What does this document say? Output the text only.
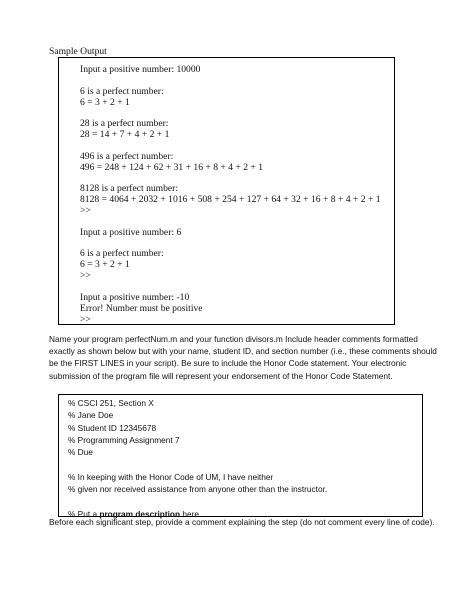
Sample Output
Input a positive number: 10000
6 is a perfect number:
6 = 3 + 2 + 1
28 is a perfect number:
28 = 14 + 7 + 4 + 2 + 1
496 is a perfect number:
496 = 248 + 124 + 62 + 31 + 16 + 8 + 4 + 2 + 1
8128 is a perfect number:
8128 = 4064 + 2032 + 1016 + 508 + 254 + 127 + 64 + 32 + 16 + 8 + 4 + 2 + 1
>>
Input a positive number: 6
6 is a perfect number:
6 = 3 + 2 + 1
>>
Input a positive number: -10
Error! Number must be positive
>>
Name your program perfectNum.m and your function divisors.m Include header comments formatted exactly as shown below but with your name, student ID, and section number (i.e., these comments should be the FIRST LINES in your script). Be sure to include the Honor Code statement. Your electronic submission of the program file will represent your endorsement of the Honor Code Statement.
% CSCI 251, Section X
% Jane Doe
% Student ID 12345678
% Programming Assignment 7
% Due
% In keeping with the Honor Code of UM, I have neither
% given nor received assistance from anyone other than the instructor.
% Put a program description here.
Before each significant step, provide a comment explaining the step (do not comment every line of code).
